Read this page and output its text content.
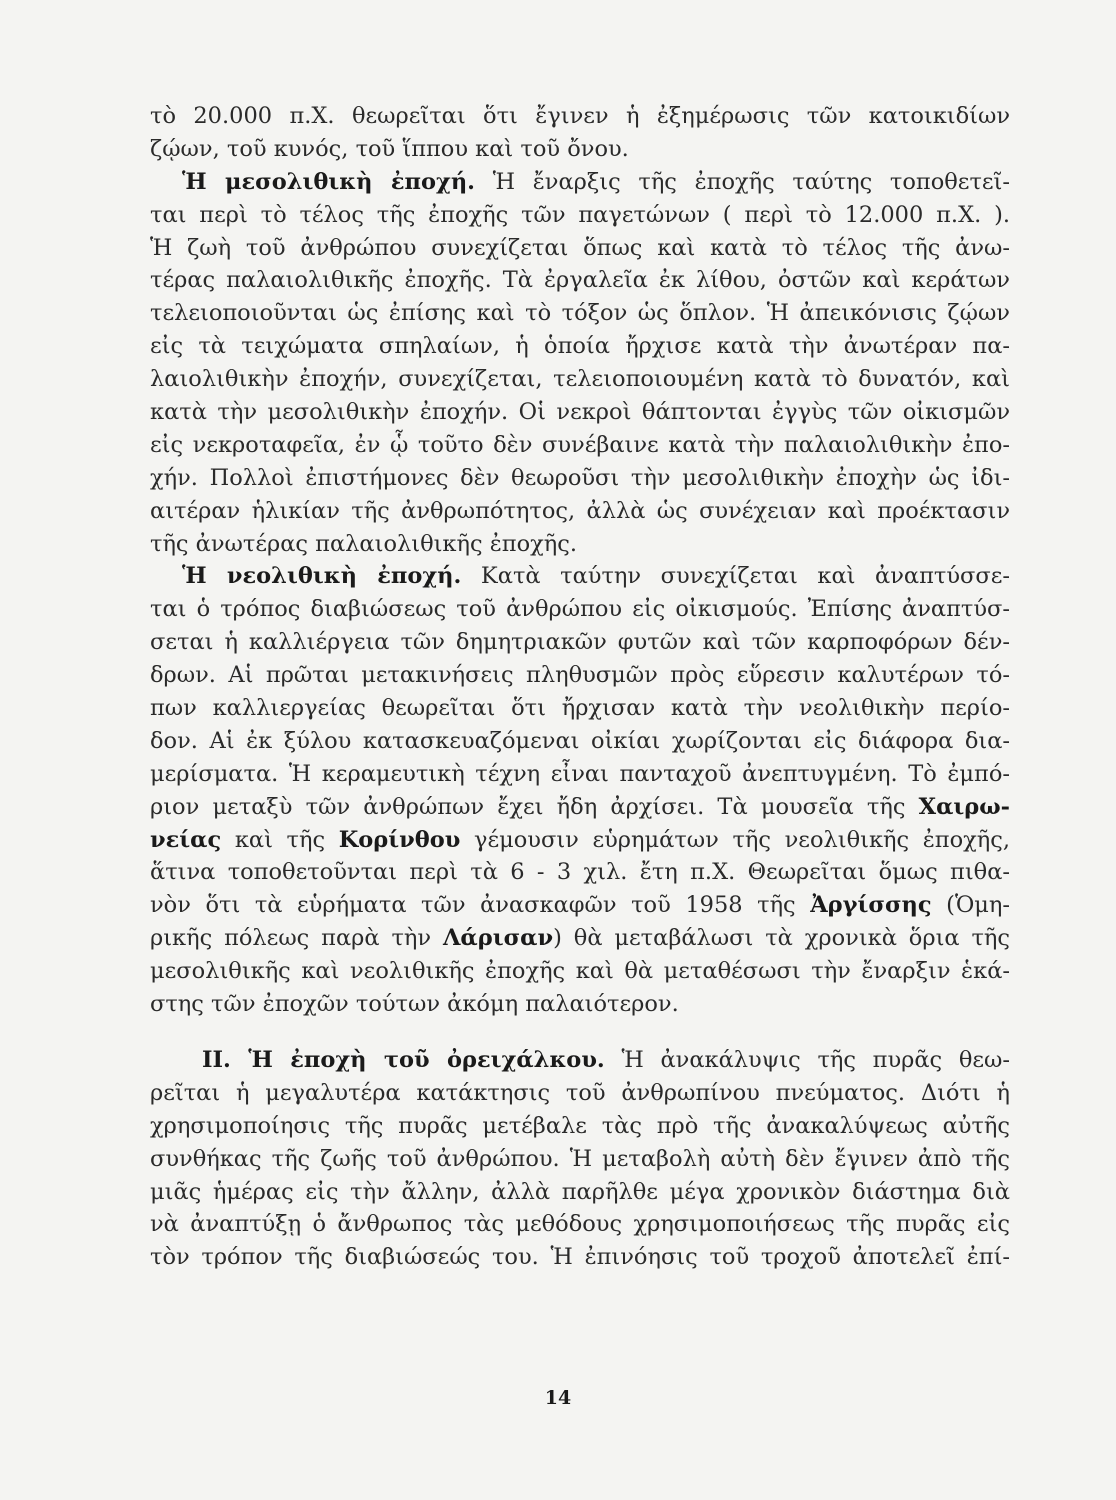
τὸ 20.000 π.Χ. θεωρεῖται ὅτι ἔγινεν ἡ ἐξημέρωσις τῶν κατοικιδίων
ζῴων, τοῦ κυνός, τοῦ ἵππου καὶ τοῦ ὄνου.
Ἡ μεσολιθικὴ ἐποχή. Ἡ ἔναρξις τῆς ἐποχῆς ταύτης τοποθετεῖ-
ται περὶ τὸ τέλος τῆς ἐποχῆς τῶν παγετώνων ( περὶ τὸ 12.000 π.Χ. ).
Ἡ ζωὴ τοῦ ἀνθρώπου συνεχίζεται ὅπως καὶ κατὰ τὸ τέλος τῆς ἀνω-
τέρας παλαιολιθικῆς ἐποχῆς. Τὰ ἐργαλεῖα ἐκ λίθου, ὀστῶν καὶ κεράτων
τελειοποιοῦνται ὡς ἐπίσης καὶ τὸ τόξον ὡς ὅπλον. Ἡ ἀπεικόνισις ζῴων
εἰς τὰ τειχώματα σπηλαίων, ἡ ὁποία ἤρχισε κατὰ τὴν ἀνωτέραν πα-
λαιολιθικὴν ἐποχήν, συνεχίζεται, τελειοποιουμένη κατὰ τὸ δυνατόν, καὶ
κατὰ τὴν μεσολιθικὴν ἐποχήν. Οἱ νεκροὶ θάπτονται ἐγγὺς τῶν οἰκισμῶν
εἰς νεκροταφεῖα, ἐν ᾧ τοῦτο δὲν συνέβαινε κατὰ τὴν παλαιολιθικὴν ἐπο-
χήν. Πολλοὶ ἐπιστήμονες δὲν θεωροῦσι τὴν μεσολιθικὴν ἐποχὴν ὡς ἰδι-
αιτέραν ἡλικίαν τῆς ἀνθρωπότητος, ἀλλὰ ὡς συνέχειαν καὶ προέκτασιν
τῆς ἀνωτέρας παλαιολιθικῆς ἐποχῆς.
Ἡ νεολιθικὴ ἐποχή. Κατὰ ταύτην συνεχίζεται καὶ ἀναπτύσσε-
ται ὁ τρόπος διαβιώσεως τοῦ ἀνθρώπου εἰς οἰκισμούς. Ἐπίσης ἀναπτύσ-
σεται ἡ καλλιέργεια τῶν δημητριακῶν φυτῶν καὶ τῶν καρποφόρων δέν-
δρων. Αἱ πρῶται μετακινήσεις πληθυσμῶν πρὸς εὕρεσιν καλυτέρων τό-
πων καλλιεργείας θεωρεῖται ὅτι ἤρχισαν κατὰ τὴν νεολιθικὴν περίο-
δον. Αἱ ἐκ ξύλου κατασκευαζόμεναι οἰκίαι χωρίζονται εἰς διάφορα δια-
μερίσματα. Ἡ κεραμευτικὴ τέχνη εἶναι πανταχοῦ ἀνεπτυγμένη. Τὸ ἐμπό-
ριον μεταξὺ τῶν ἀνθρώπων ἔχει ἤδη ἀρχίσει. Τὰ μουσεῖα τῆς Χαιρω-
νείας καὶ τῆς Κορίνθου γέμουσιν εὑρημάτων τῆς νεολιθικῆς ἐποχῆς,
ἅτινα τοποθετοῦνται περὶ τὰ 6 - 3 χιλ. ἔτη π.Χ. Θεωρεῖται ὅμως πιθα-
νὸν ὅτι τὰ εὑρήματα τῶν ἀνασκαφῶν τοῦ 1958 τῆς Ἀργίσσης (Ὁμη-
ρικῆς πόλεως παρὰ τὴν Λάρισαν) θὰ μεταβάλωσι τὰ χρονικὰ ὅρια τῆς
μεσολιθικῆς καὶ νεολιθικῆς ἐποχῆς καὶ θὰ μεταθέσωσι τὴν ἔναρξιν ἑκά-
στης τῶν ἐποχῶν τούτων ἀκόμη παλαιότερον.
ΙΙ. Ἡ ἐποχὴ τοῦ ὀρειχάλκου. Ἡ ἀνακάλυψις τῆς πυρᾶς θεω-
ρεῖται ἡ μεγαλυτέρα κατάκτησις τοῦ ἀνθρωπίνου πνεύματος. Διότι ἡ
χρησιμοποίησις τῆς πυρᾶς μετέβαλε τὰς πρὸ τῆς ἀνακαλύψεως αὐτῆς
συνθήκας τῆς ζωῆς τοῦ ἀνθρώπου. Ἡ μεταβολὴ αὐτὴ δὲν ἔγινεν ἀπὸ τῆς
μιᾶς ἡμέρας εἰς τὴν ἄλλην, ἀλλὰ παρῆλθε μέγα χρονικὸν διάστημα διὰ
νὰ ἀναπτύξῃ ὁ ἄνθρωπος τὰς μεθόδους χρησιμοποιήσεως τῆς πυρᾶς εἰς
τὸν τρόπον τῆς διαβιώσεώς του. Ἡ ἐπινόησις τοῦ τροχοῦ ἀποτελεῖ ἐπί-
14
